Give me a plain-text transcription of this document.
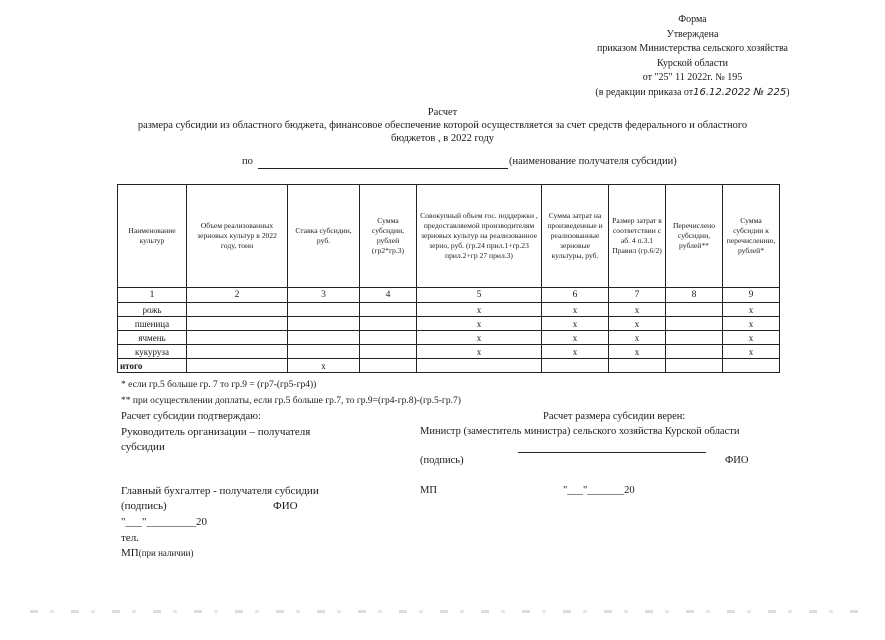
Форма
Утверждена
приказом Министерства сельского хозяйства
Курской области
от "25" 11 2022г. № 195
(в редакции приказа от16.12.2022 № 225)
Расчет
размера субсидии из областного бюджета, финансовое обеспечение которой осуществляется за счет средств федерального и областного
бюджетов , в 2022 году
по	(наименование получателя субсидии)
Наименование культур	Объем реализованных зерновых культур в 2022 году, тонн	Ставка субсидии, руб.	Сумма субсидии, рублей (гр2*гр.3)	Совокупный объем гос. поддержки , предоставляемой производителям зерновых культур на реализованное зерно, руб. (гр.24 прил.1+гр.23 прил.2+гр 27 прил.3)	Сумма затрат на произведенные и реализованные зерновые культуры, руб.	Размер затрат в соответствии с аб. 4 п.3.1 Правил (гр.6/2)	Перечислено субсидии, рублей**	Сумма субсидии к перечислению, рублей*
1	2	3	4	5	6	7	8	9
рожь				x	x	x		x
пшеница				x	x	x		x
ячмень				x	x	x		x
кукуруза				x	x	x		x
итого		x						
* если гр.5 больше гр. 7 то гр.9 = (гр7-(гр5-гр4))
** при осуществлении доплаты, если гр.5 больше гр.7, то гр.9=(гр4-гр.8)-(гр.5-гр.7)
Расчет субсидии подтверждаю:	Расчет размера субсидии верен:
Руководитель организации – получателя
субсидии
Министр (заместитель министра) сельского хозяйства Курской области
(подпись)	ФИО
Главный бухгалтер - получателя субсидии	МП	"___"_______20
(подпись)	ФИО
"___"_________20
тел.
МП(при наличии)
